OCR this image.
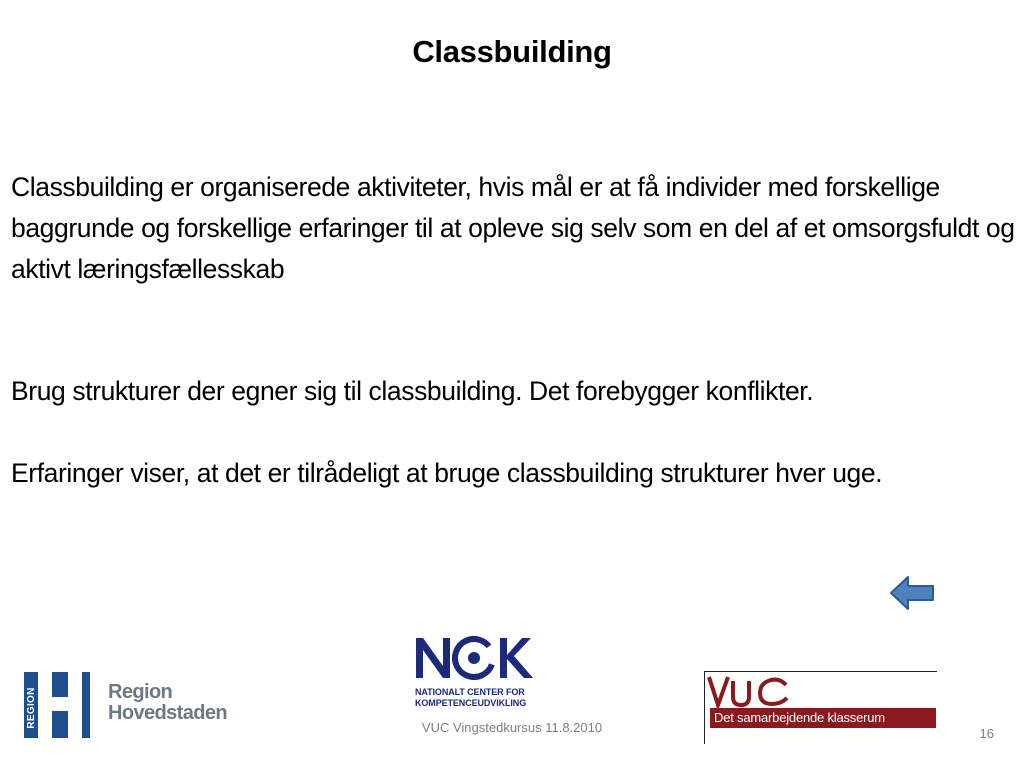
Classbuilding
Classbuilding er organiserede aktiviteter, hvis mål er at få individer med forskellige baggrunde og forskellige erfaringer til at opleve sig selv som en del af et omsorgsfuldt og aktivt læringsfællesskab
Brug strukturer der egner sig til classbuilding. Det forebygger konflikter.
Erfaringer viser, at det er tilrådeligt at bruge classbuilding strukturer hver uge.
REGION	Region
Hovedstaden
NATIONALT CENTER FOR
KOMPETENCEUDVIKLING
VUC Vingstedkursus 11.8.2010
Det samarbejdende klasserum
16
